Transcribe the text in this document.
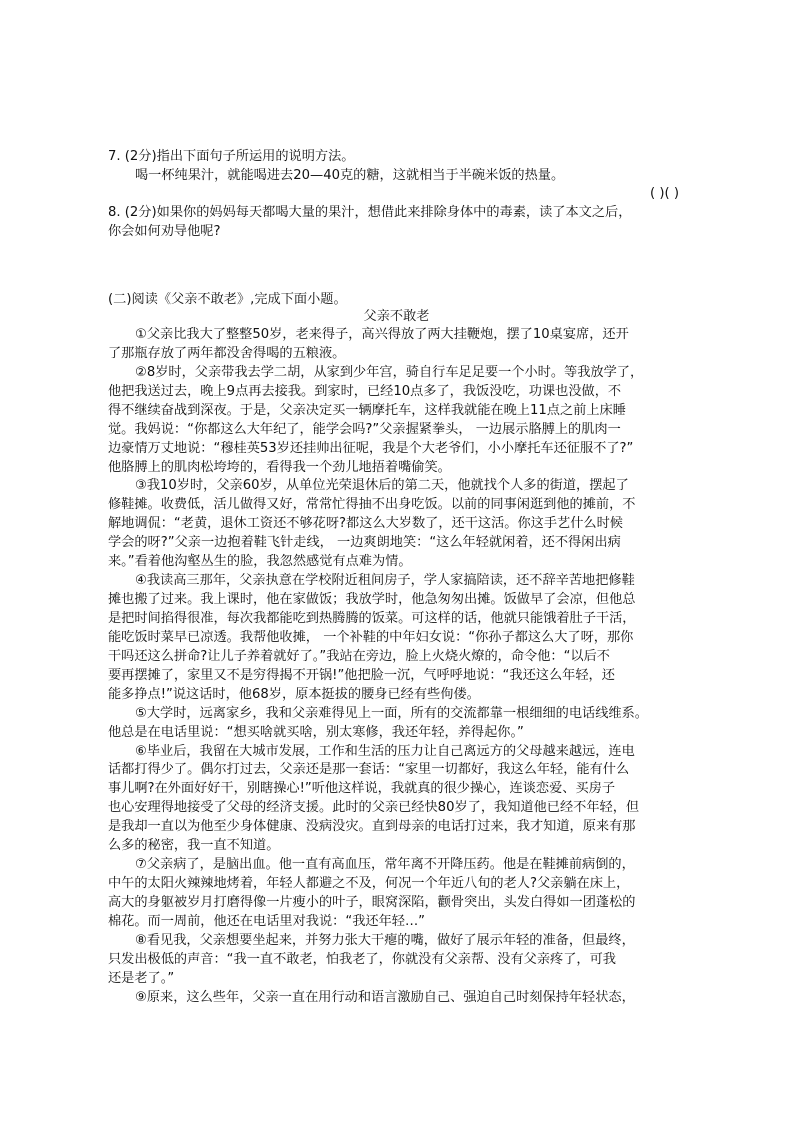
7. (2分)指出下面句子所运用的说明方法。
喝一杯纯果汁，就能喝进去20—40克的糖，这就相当于半碗米饭的热量。
( )( )
8. (2分)如果你的妈妈每天都喝大量的果汁，想借此来排除身体中的毒素，读了本文之后，
你会如何劝导他呢?
(二)阅读《父亲不敢老》,完成下面小题。
父亲不敢老
①父亲比我大了整整50岁，老来得子，高兴得放了两大挂鞭炮，摆了10桌宴席，还开
了那瓶存放了两年都没舍得喝的五粮液。
②8岁时，父亲带我去学二胡，从家到少年宫，骑自行车足足要一个小时。等我放学了，
他把我送过去，晚上9点再去接我。到家时，已经10点多了，我饭没吃，功课也没做，不
得不继续奋战到深夜。于是，父亲决定买一辆摩托车，这样我就能在晚上11点之前上床睡
觉。我妈说：“你都这么大年纪了，能学会吗?”父亲握紧拳头， 一边展示胳膊上的肌肉一
边豪情万丈地说：“穆桂英53岁还挂帅出征呢，我是个大老爷们，小小摩托车还征服不了?”
他胳膊上的肌肉松垮垮的，看得我一个劲儿地捂着嘴偷笑。
③我10岁时，父亲60岁，从单位光荣退休后的第二天，他就找个人多的街道，摆起了
修鞋摊。收费低，活儿做得又好，常常忙得抽不出身吃饭。以前的同事闲逛到他的摊前，不
解地调侃：“老黄，退休工资还不够花呀?都这么大岁数了，还干这活。你这手艺什么时候
学会的呀?”父亲一边抱着鞋飞针走线， 一边爽朗地笑：“这么年轻就闲着，还不得闲出病
来。”看着他沟壑丛生的脸，我忽然感觉有点难为情。
④我读高三那年，父亲执意在学校附近租间房子，学人家搞陪读，还不辞辛苦地把修鞋
摊也搬了过来。我上课时，他在家做饭；我放学时，他急匆匆出摊。饭做早了会凉，但他总
是把时间掐得很准，每次我都能吃到热腾腾的饭菜。可这样的话，他就只能饿着肚子干活，
能吃饭时菜早已凉透。我帮他收摊， 一个补鞋的中年妇女说：“你孙子都这么大了呀，那你
干吗还这么拼命?让儿子养着就好了。”我站在旁边，脸上火烧火燎的，命令他：“以后不
要再摆摊了，家里又不是穷得揭不开锅!”他把脸一沉，气呼呼地说：“我还这么年轻，还
能多挣点!”说这话时，他68岁，原本挺拔的腰身已经有些佝偻。
⑤大学时，远离家乡，我和父亲难得见上一面，所有的交流都靠一根细细的电话线维系。
他总是在电话里说：“想买啥就买啥，别太寒修，我还年轻，养得起你。”
⑥毕业后，我留在大城市发展，工作和生活的压力让自己离远方的父母越来越远，连电
话都打得少了。偶尔打过去，父亲还是那一套话：“家里一切都好，我这么年轻，能有什么
事儿啊?在外面好好干，别瞎操心!”听他这样说，我就真的很少操心，连谈恋爱、买房子
也心安理得地接受了父母的经济支援。此时的父亲已经快80岁了，我知道他已经不年轻，但
是我却一直以为他至少身体健康、没病没灾。直到母亲的电话打过来，我才知道，原来有那
么多的秘密，我一直不知道。
⑦父亲病了，是脑出血。他一直有高血压，常年离不开降压药。他是在鞋摊前病倒的，
中午的太阳火辣辣地烤着，年轻人都避之不及，何况一个年近八旬的老人?父亲躺在床上，
高大的身躯被岁月打磨得像一片瘦小的叶子，眼窝深陷，颧骨突出，头发白得如一团蓬松的
棉花。而一周前，他还在电话里对我说：“我还年轻…”
⑧看见我，父亲想要坐起来，并努力张大干瘪的嘴，做好了展示年轻的准备，但最终，
只发出极低的声音：“我一直不敢老，怕我老了，你就没有父亲帮、没有父亲疼了，可我
还是老了。”
⑨原来，这么些年，父亲一直在用行动和语言激励自己、强迫自己时刻保持年轻状态，
